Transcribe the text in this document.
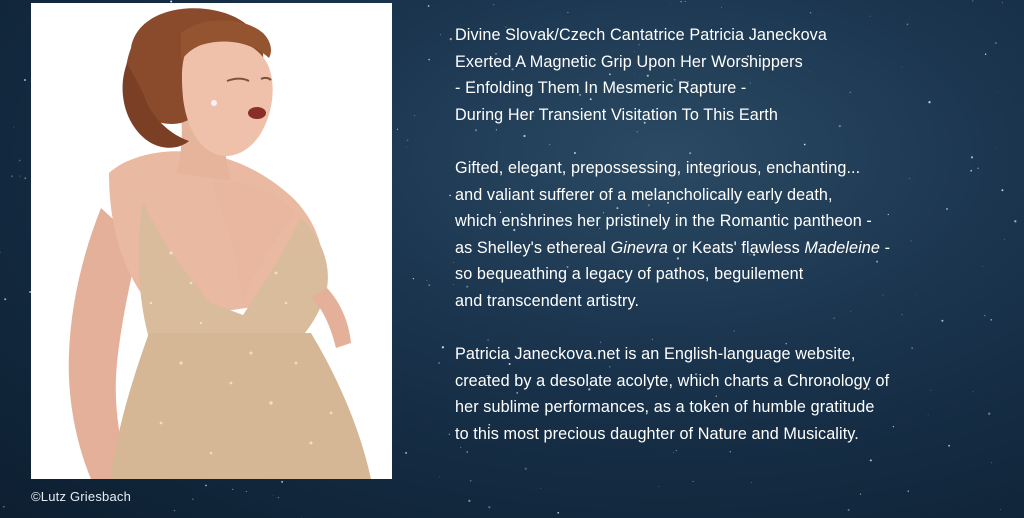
©Lutz Griesbach

Divine Slovak/Czech Cantatrice Patricia Janeckova
Exerted A Magnetic Grip Upon Her Worshippers
- Enfolding Them In Mesmeric Rapture -
During Her Transient Visitation To This Earth

Gifted, elegant, prepossessing, integrious, enchanting...
and valiant sufferer of a melancholically early death,
which enshrines her pristinely in the Romantic pantheon -
as Shelley's ethereal Ginevra or Keats' flawless Madeleine -
so bequeathing a legacy of pathos, beguilement
and transcendent artistry.

Patricia Janeckova.net is an English-language website,
created by a desolate acolyte, which charts a Chronology of
her sublime performances, as a token of humble gratitude
to this most precious daughter of Nature and Musicality.
